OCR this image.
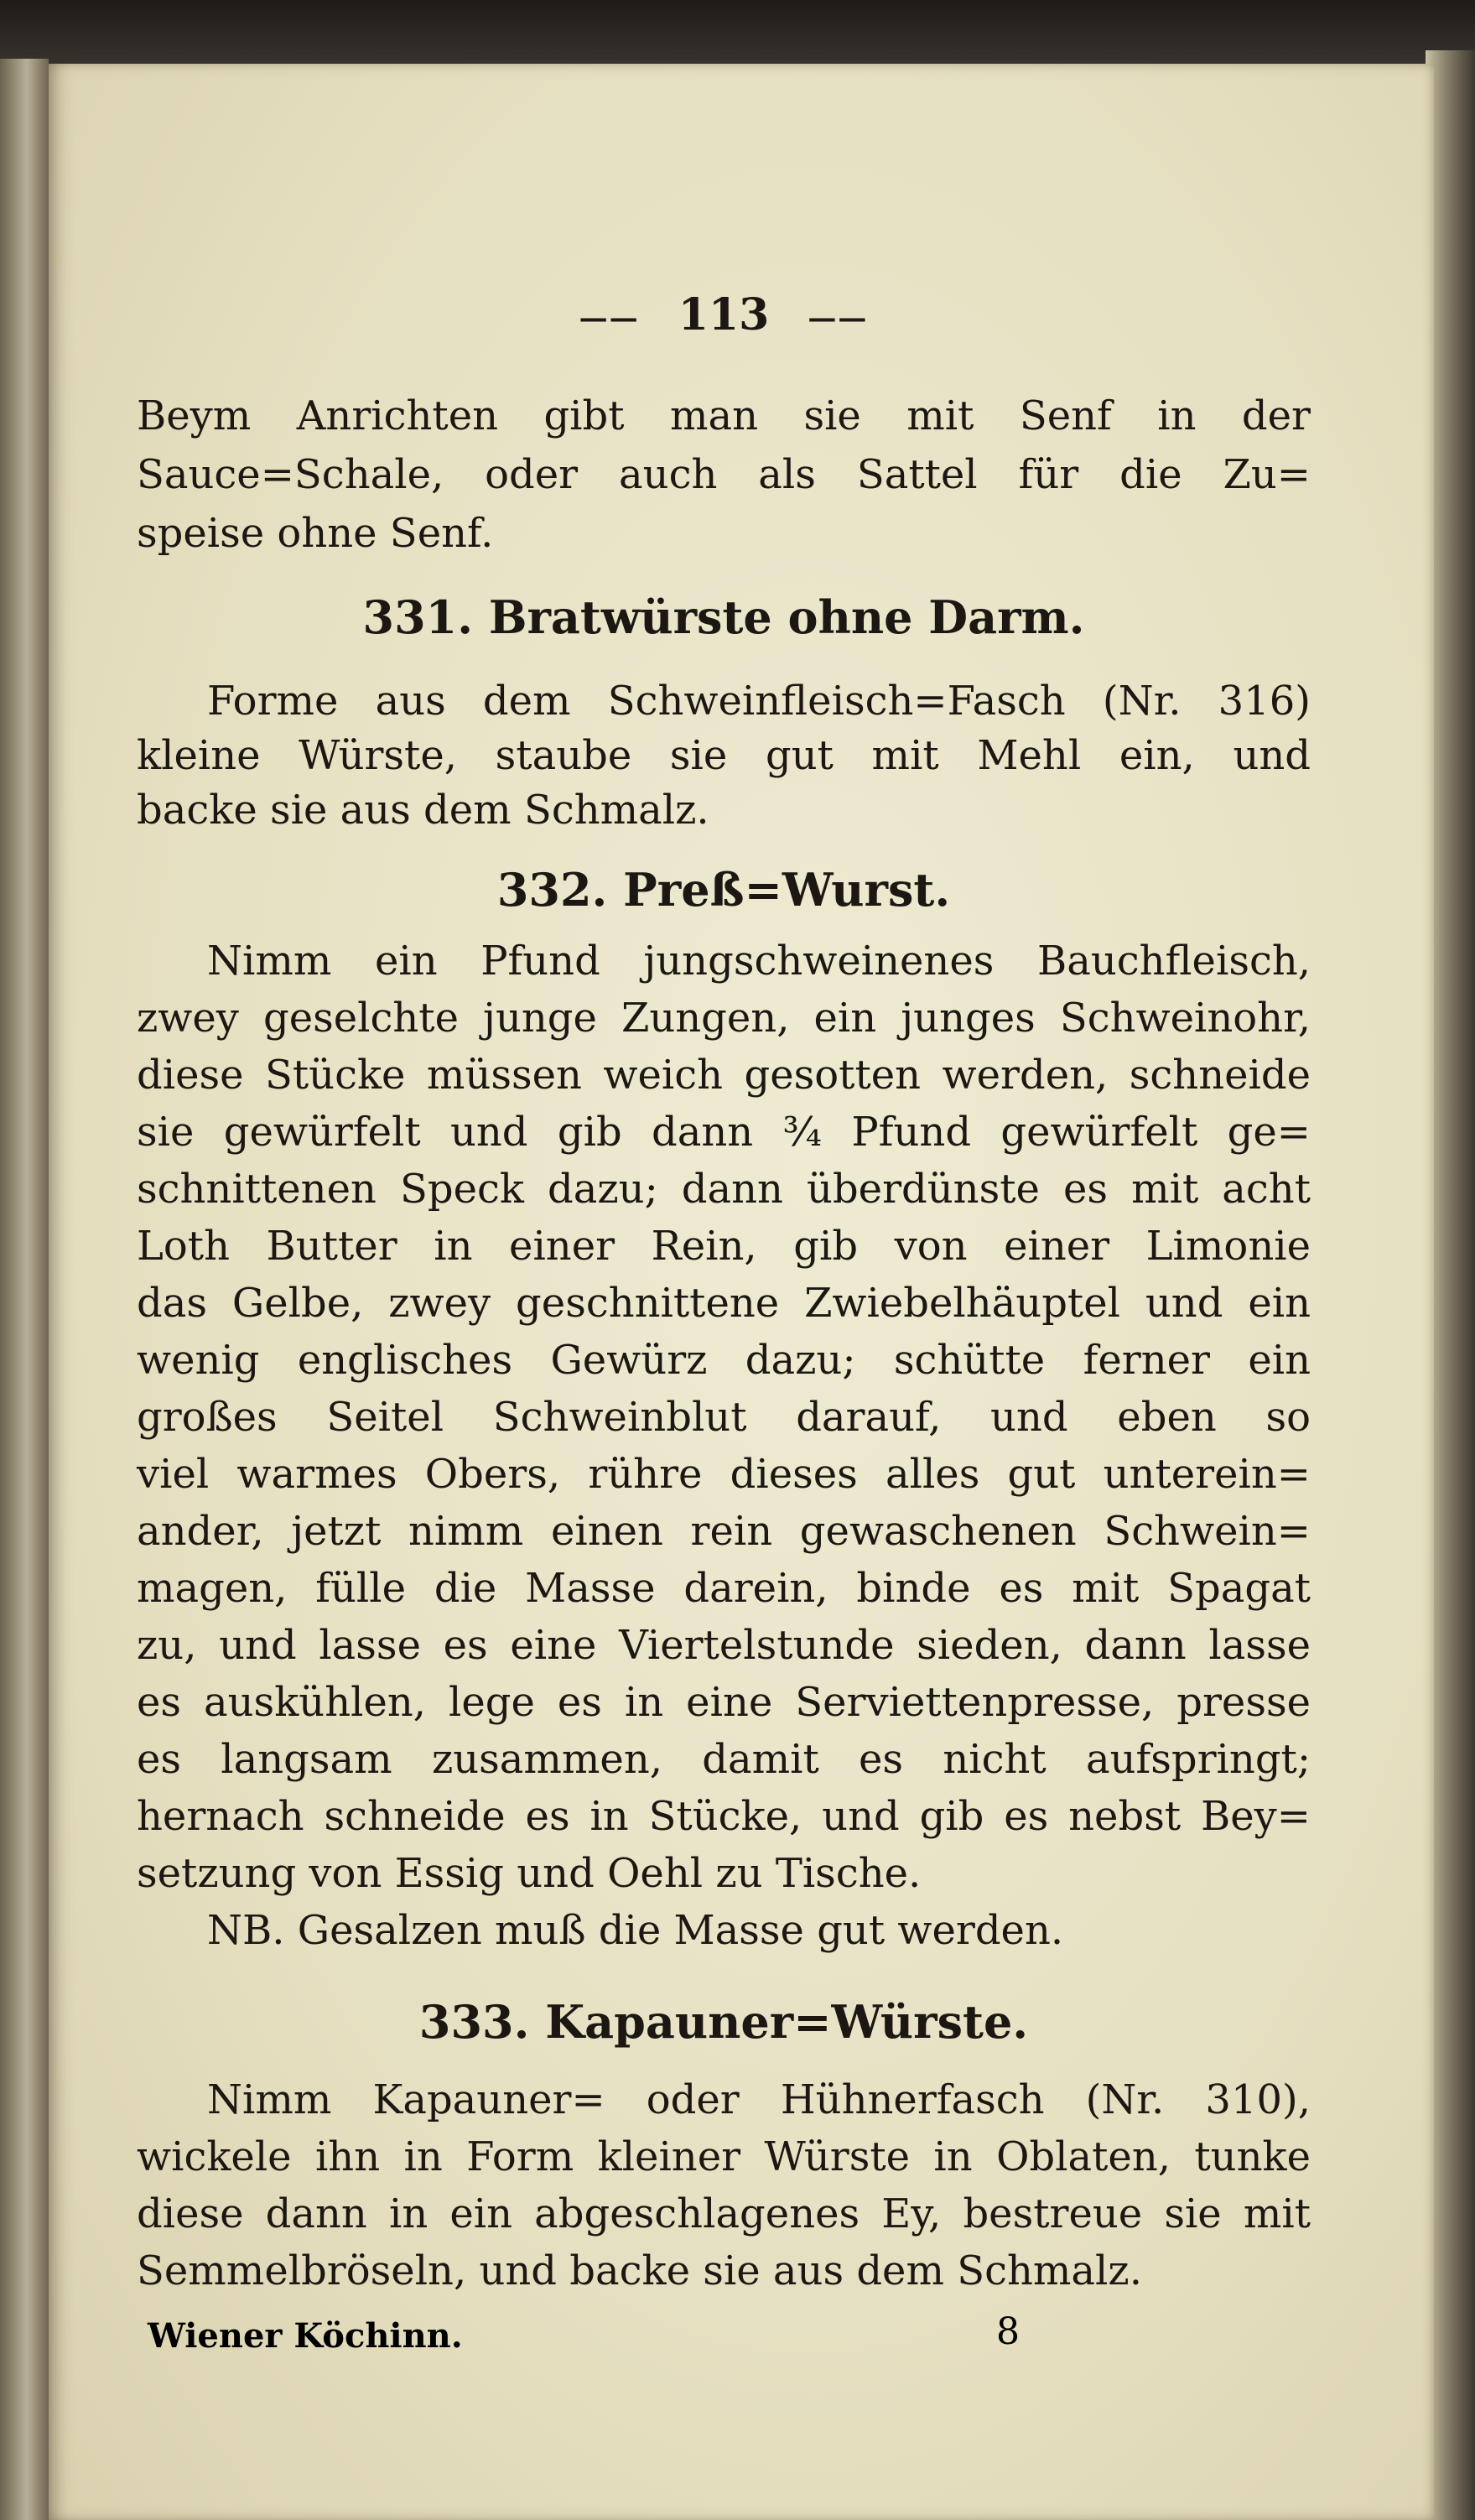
—— 113 ——
Beym Anrichten gibt man sie mit Senf in der
Sauce=Schale, oder auch als Sattel für die Zu=
speise ohne Senf.
331. Bratwürste ohne Darm.
Forme aus dem Schweinfleisch=Fasch (Nr. 316)
kleine Würste, staube sie gut mit Mehl ein, und
backe sie aus dem Schmalz.
332. Preß=Wurst.
Nimm ein Pfund jungschweinenes Bauchfleisch,
zwey geselchte junge Zungen, ein junges Schweinohr,
diese Stücke müssen weich gesotten werden, schneide
sie gewürfelt und gib dann ¾ Pfund gewürfelt ge=
schnittenen Speck dazu; dann überdünste es mit acht
Loth Butter in einer Rein, gib von einer Limonie
das Gelbe, zwey geschnittene Zwiebelhäuptel und ein
wenig englisches Gewürz dazu; schütte ferner ein
großes Seitel Schweinblut darauf, und eben so
viel warmes Obers, rühre dieses alles gut unterein=
ander, jetzt nimm einen rein gewaschenen Schwein=
magen, fülle die Masse darein, binde es mit Spagat
zu, und lasse es eine Viertelstunde sieden, dann lasse
es auskühlen, lege es in eine Serviettenpresse, presse
es langsam zusammen, damit es nicht aufspringt;
hernach schneide es in Stücke, und gib es nebst Bey=
setzung von Essig und Oehl zu Tische.
NB. Gesalzen muß die Masse gut werden.
333. Kapauner=Würste.
Nimm Kapauner= oder Hühnerfasch (Nr. 310),
wickele ihn in Form kleiner Würste in Oblaten, tunke
diese dann in ein abgeschlagenes Ey, bestreue sie mit
Semmelbröseln, und backe sie aus dem Schmalz.
Wiener Köchinn.	8
